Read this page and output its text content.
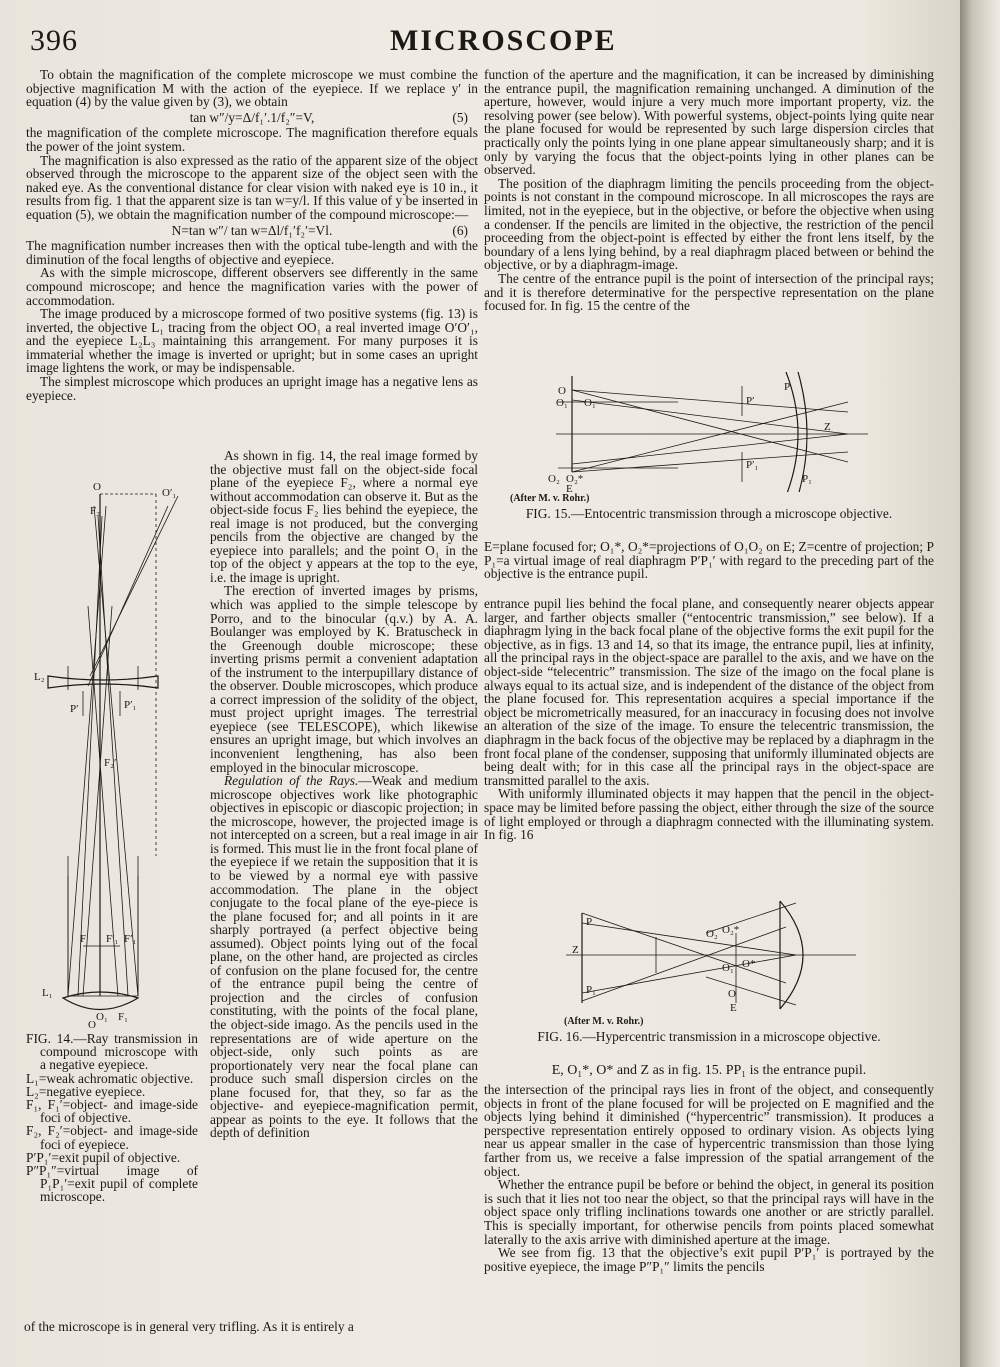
396	MICROSCOPE

To obtain the magnification of the complete microscope we must combine the objective magnification M with the action of the eyepiece. If we replace y′ in equation (4) by the value given by (3), we obtain

tan w″/y=Δ/f₁′.1/f₂″=V,	(5)

the magnification of the complete microscope. The magnification therefore equals the power of the joint system.

The magnification is also expressed as the ratio of the apparent size of the object observed through the microscope to the apparent size of the object seen with the naked eye. As the conventional distance for clear vision with naked eye is 10 in., it results from fig. 1 that the apparent size is tan w=y/l. If this value of y be inserted in equation (5), we obtain the magnification number of the compound microscope:—

N=tan w″/ tan w=Δl/f₁′f₂′=Vl.	(6)

The magnification number increases then with the optical tube-length and with the diminution of the focal lengths of objective and eyepiece.

As with the simple microscope, different observers see differently in the same compound microscope; and hence the magnification varies with the power of accommodation.

The image produced by a microscope formed of two positive systems (fig. 13) is inverted, the objective L₁ tracing from the object OO₁ a real inverted image O′O′₁, and the eyepiece L₂L₃ maintaining this arrangement. For many purposes it is immaterial whether the image is inverted or upright; but in some cases an upright image lightens the work, or may be indispensable.

The simplest microscope which produces an upright image has a negative lens as eyepiece.

O	O′₁
F₂
L₂
P′₁
P′
F₂′
F F′₁ F′₁
L₁
O
O₁ F₁

FIG. 14.—Ray transmission in compound microscope with a negative eyepiece.

L₁=weak achromatic objective.

L₂=negative eyepiece.

F₁, F₁′=object- and image-side foci of objective.

F₂, F₂′=object- and image-side foci of eyepiece.

P′P₁′=exit pupil of objective.

P″P₁″=virtual image of P₁P₁′=exit pupil of complete microscope.

As shown in fig. 14, the real image formed by the objective must fall on the object-side focal plane of the eyepiece F₂, where a normal eye without accommodation can observe it. But as the object-side focus F₂ lies behind the eyepiece, the real image is not produced, but the converging pencils from the objective are changed by the eyepiece into parallels; and the point O₁ in the top of the object y appears at the top to the eye, i.e. the image is upright.

The erection of inverted images by prisms, which was applied to the simple telescope by Porro, and to the binocular (q.v.) by A. A. Boulanger was employed by K. Bratuscheck in the Greenough double microscope; these inverting prisms permit a convenient adaptation of the instrument to the interpupillary distance of the observer. Double microscopes, which produce a correct impression of the solidity of the object, must project upright images. The terrestrial eyepiece (see TELESCOPE), which likewise ensures an upright image, but which involves an inconvenient lengthening, has also been employed in the binocular microscope.

Regulation of the Rays.—Weak and medium microscope objectives work like photographic objectives in episcopic or diascopic projection; in the microscope, however, the projected image is not intercepted on a screen, but a real image in air is formed. This must lie in the front focal plane of the eyepiece if we retain the supposition that it is to be viewed by a normal eye with passive accommodation. The plane in the object conjugate to the focal plane of the eye-piece is the plane focused for; and all points in it are sharply portrayed (a perfect objective being assumed). Object points lying out of the focal plane, on the other hand, are projected as circles of confusion on the plane focused for, the centre of the entrance pupil being the centre of projection and the circles of confusion constituting, with the points of the focal plane, the object-side imago. As the pencils used in the representations are of wide aperture on the object-side, only such points as are proportionately very near the focal plane can produce such small dispersion circles on the plane focused for, that they, so far as the objective- and eyepiece-magnification permit, appear as points to the eye. It follows that the depth of definition

of the microscope is in general very trifling. As it is entirely a

function of the aperture and the magnification, it can be increased by diminishing the entrance pupil, the magnification remaining unchanged. A diminution of the aperture, however, would injure a very much more important property, viz. the resolving power (see below). With powerful systems, object-points lying quite near the plane focused for would be represented by such large dispersion circles that practically only the points lying in one plane appear simultaneously sharp; and it is only by varying the focus that the object-points lying in other planes can be observed.

The position of the diaphragm limiting the pencils proceeding from the object-points is not constant in the compound microscope. In all microscopes the rays are limited, not in the eyepiece, but in the objective, or before the objective when using a condenser. If the pencils are limited in the objective, the restriction of the pencil proceeding from the object-point is effected by either the front lens itself, by the boundary of a lens lying behind, by a real diaphragm placed between or behind the objective, or by a diaphragm-image.

The centre of the entrance pupil is the point of intersection of the principal rays; and it is therefore determinative for the perspective representation on the plane focused for. In fig. 15 the centre of the

O
O₁ O₁
P
P′
Z
P′₁
P₁
O₂ O₂*
E
(After M. v. Rohr.)
FIG. 15.—Entocentric transmission through a microscope objective.

E=plane focused for; O₁*, O₂*=projections of O₁O₂ on E; Z=centre of projection; P P₁=a virtual image of real diaphragm P′P₁′ with regard to the preceding part of the objective is the entrance pupil.

entrance pupil lies behind the focal plane, and consequently nearer objects appear larger, and farther objects smaller (“entocentric transmission,” see below). If a diaphragm lying in the back focal plane of the objective forms the exit pupil for the objective, as in figs. 13 and 14, so that its image, the entrance pupil, lies at infinity, all the principal rays in the object-space are parallel to the axis, and we have on the object-side “telecentric” transmission. The size of the imago on the focal plane is always equal to its actual size, and is independent of the distance of the object from the plane focused for. This representation acquires a special importance if the object be micrometrically measured, for an inaccuracy in focusing does not involve an alteration of the size of the image. To ensure the telecentric transmission, the diaphragm in the back focus of the objective may be replaced by a diaphragm in the front focal plane of the condenser, supposing that uniformly illuminated objects are being dealt with; for in this case all the principal rays in the object-space are transmitted parallel to the axis.

With uniformly illuminated objects it may happen that the pencil in the object-space may be limited before passing the object, either through the size of the source of light employed or through a diaphragm connected with the illuminating system. In fig. 16

P
O₂ O₂*
Z
O₁ O*
P₁	O
E
(After M. v. Rohr.)
FIG. 16.—Hypercentric transmission in a microscope objective.
E, O₁*, O* and Z as in fig. 15. PP₁ is the entrance pupil.

the intersection of the principal rays lies in front of the object, and consequently objects in front of the plane focused for will be projected on E magnified and the objects lying behind it diminished (“hypercentric” transmission). It produces a perspective representation entirely opposed to ordinary vision. As objects lying near us appear smaller in the case of hypercentric transmission than those lying farther from us, we receive a false impression of the spatial arrangement of the object.

Whether the entrance pupil be before or behind the object, in general its position is such that it lies not too near the object, so that the principal rays will have in the object space only trifling inclinations towards one another or are strictly parallel. This is specially important, for otherwise pencils from points placed somewhat laterally to the axis arrive with diminished aperture at the image.

We see from fig. 13 that the objective’s exit pupil P′P₁′ is portrayed by the positive eyepiece, the image P″P₁″ limits the pencils
